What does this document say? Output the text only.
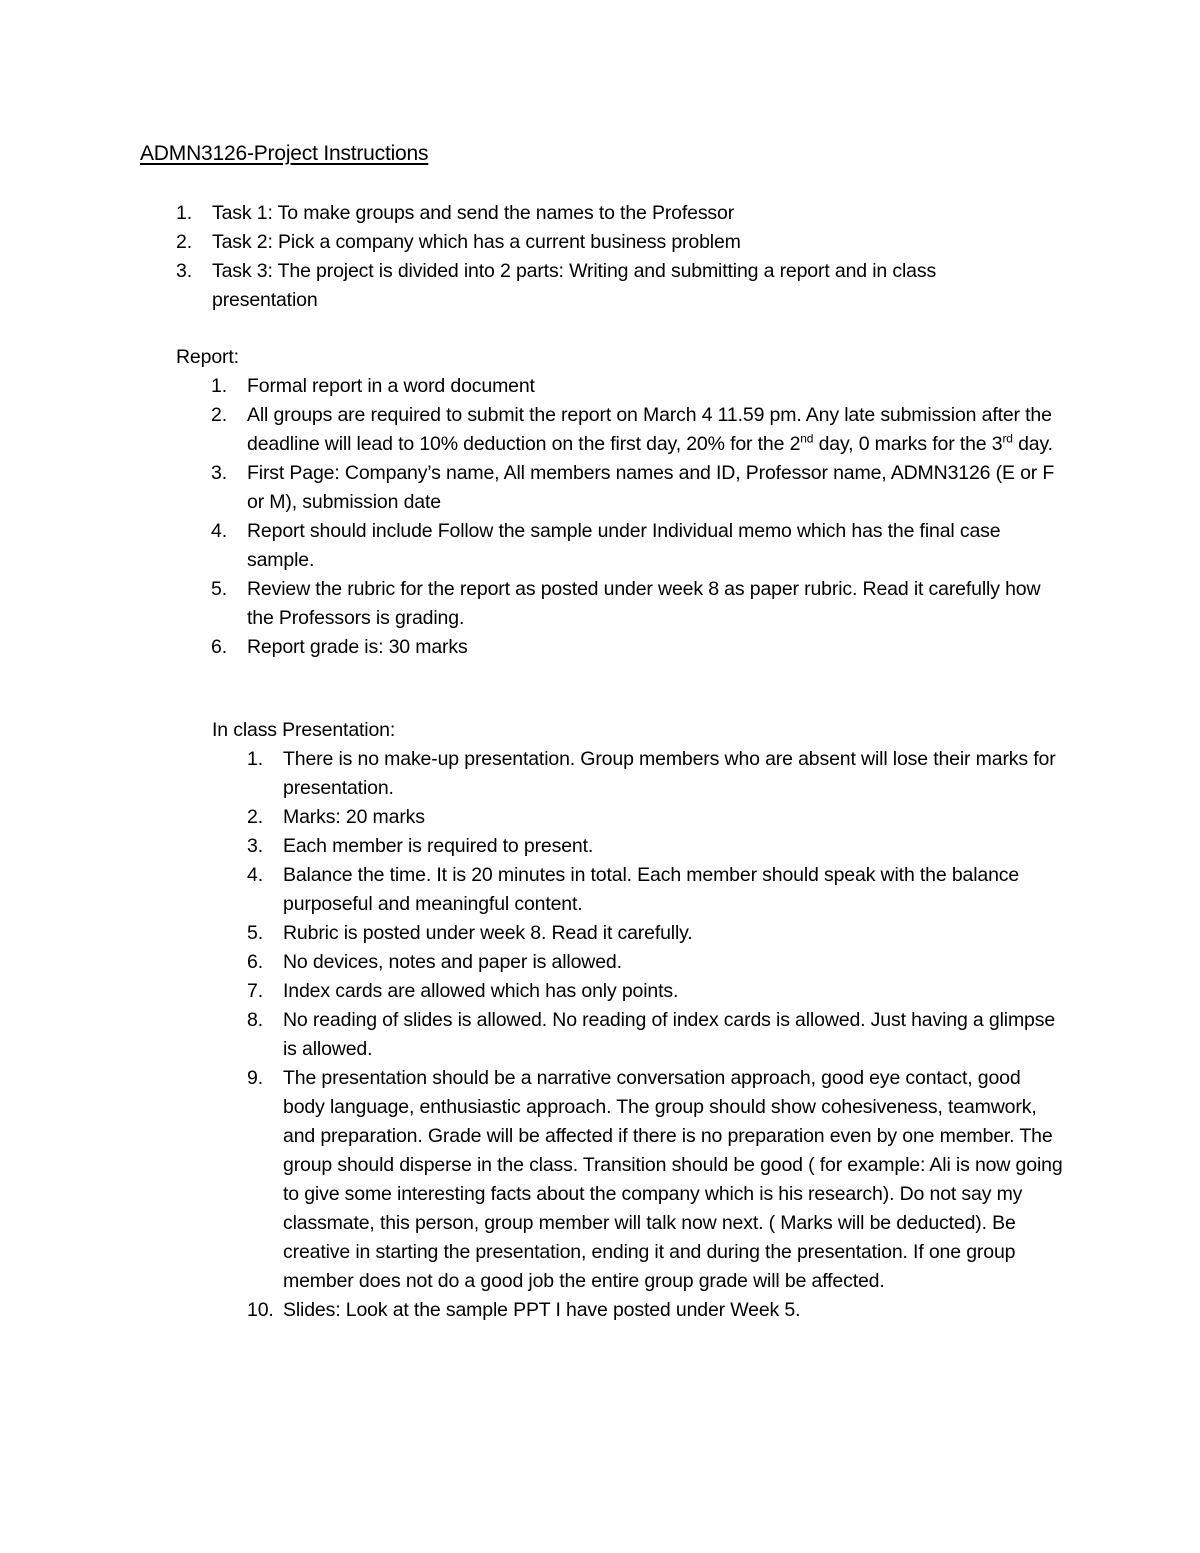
ADMN3126-Project Instructions
1. Task 1: To make groups and send the names to the Professor
2. Task 2: Pick a company which has a current business problem
3. Task 3: The project is divided into 2 parts: Writing and submitting a report and in class presentation
Report:
1. Formal report in a word document
2. All groups are required to submit the report on March 4 11.59 pm. Any late submission after the deadline will lead to 10% deduction on the first day, 20% for the 2nd day, 0 marks for the 3rd day.
3. First Page: Company’s name, All members names and ID, Professor name, ADMN3126 (E or F or M), submission date
4. Report should include Follow the sample under Individual memo which has the final case sample.
5. Review the rubric for the report as posted under week 8 as paper rubric. Read it carefully how the Professors is grading.
6. Report grade is: 30 marks
In class Presentation:
1. There is no make-up presentation. Group members who are absent will lose their marks for presentation.
2. Marks: 20 marks
3. Each member is required to present.
4. Balance the time. It is 20 minutes in total. Each member should speak with the balance purposeful and meaningful content.
5. Rubric is posted under week 8. Read it carefully.
6. No devices, notes and paper is allowed.
7. Index cards are allowed which has only points.
8. No reading of slides is allowed. No reading of index cards is allowed. Just having a glimpse is allowed.
9. The presentation should be a narrative conversation approach, good eye contact, good body language, enthusiastic approach. The group should show cohesiveness, teamwork, and preparation. Grade will be affected if there is no preparation even by one member. The group should disperse in the class. Transition should be good ( for example: Ali is now going to give some interesting facts about the company which is his research). Do not say my classmate, this person, group member will talk now next. ( Marks will be deducted). Be creative in starting the presentation, ending it and during the presentation. If one group member does not do a good job the entire group grade will be affected.
10. Slides: Look at the sample PPT I have posted under Week 5.
